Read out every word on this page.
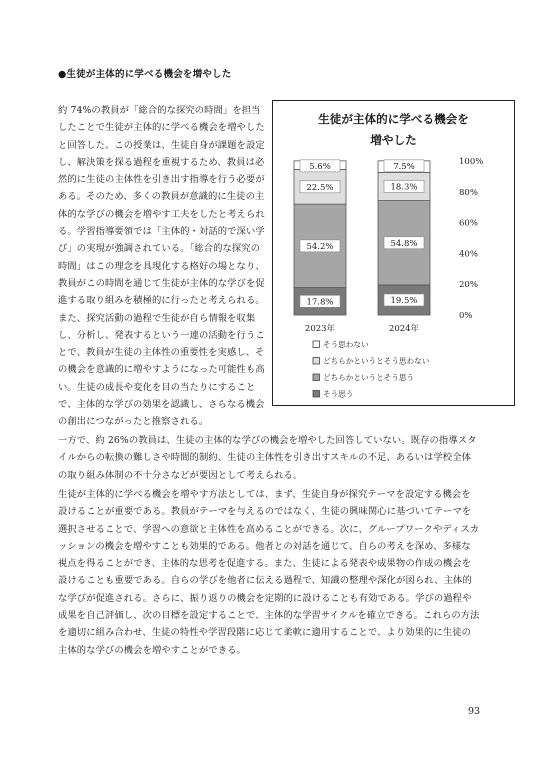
●生徒が主体的に学べる機会を増やした
約 74%の教員が「総合的な探究の時間」を担当したことで生徒が主体的に学べる機会を増やしたと回答した。この授業は、生徒自身が課題を設定し、解決策を探る過程を重視するため、教員は必然的に生徒の主体性を引き出す指導を行う必要がある。そのため、多くの教員が意識的に生徒の主体的な学びの機会を増やす工夫をしたと考えられる。学習指導要領では「主体的・対話的で深い学び」の実現が強調されている。「総合的な探究の時間」はこの理念を具現化する格好の場となり、教員がこの時間を通じて生徒が主体的な学びを促進する取り組みを積極的に行ったと考えられる。また、探究活動の過程で生徒が自ら情報を収集し、分析し、発表するという一連の活動を行うことで、教員が生徒の主体性の重要性を実感し、その機会を意識的に増やすようになった可能性も高い。生徒の成長や変化を目の当たりにすることで、主体的な学びの効果を認識し、さらなる機会の創出につながったと推察される。
生徒が主体的に学べる機会を
増やした
0%
20%
40%
60%
80%
100%
17.8%
54.2%
22.5%
5.6%
2023年
19.5%
54.8%
18.3%
7.5%
2024年
そう思わない
どちらかというとそう思わない
どちらかというとそう思う
そう思う
一方で、約 26%の教員は、生徒の主体的な学びの機会を増やした回答していない。既存の指導スタイルからの転換の難しさや時間的制約、生徒の主体性を引き出すスキルの不足、あるいは学校全体の取り組み体制の不十分さなどが要因として考えられる。
生徒が主体的に学べる機会を増やす方法としては、まず、生徒自身が探究テーマを設定する機会を設けることが重要である。教員がテーマを与えるのではなく、生徒の興味関心に基づいてテーマを選択させることで、学習への意欲と主体性を高めることができる。次に、グループワークやディスカッションの機会を増やすことも効果的である。他者との対話を通じて、自らの考えを深め、多様な視点を得ることができ、主体的な思考を促進する。また、生徒による発表や成果物の作成の機会を設けることも重要である。自らの学びを他者に伝える過程で、知識の整理や深化が図られ、主体的な学びが促進される。さらに、振り返りの機会を定期的に設けることも有効である。学びの過程や成果を自己評価し、次の目標を設定することで、主体的な学習サイクルを確立できる。これらの方法を適切に組み合わせ、生徒の特性や学習段階に応じて柔軟に適用することで、より効果的に生徒の主体的な学びの機会を増やすことができる。
93
